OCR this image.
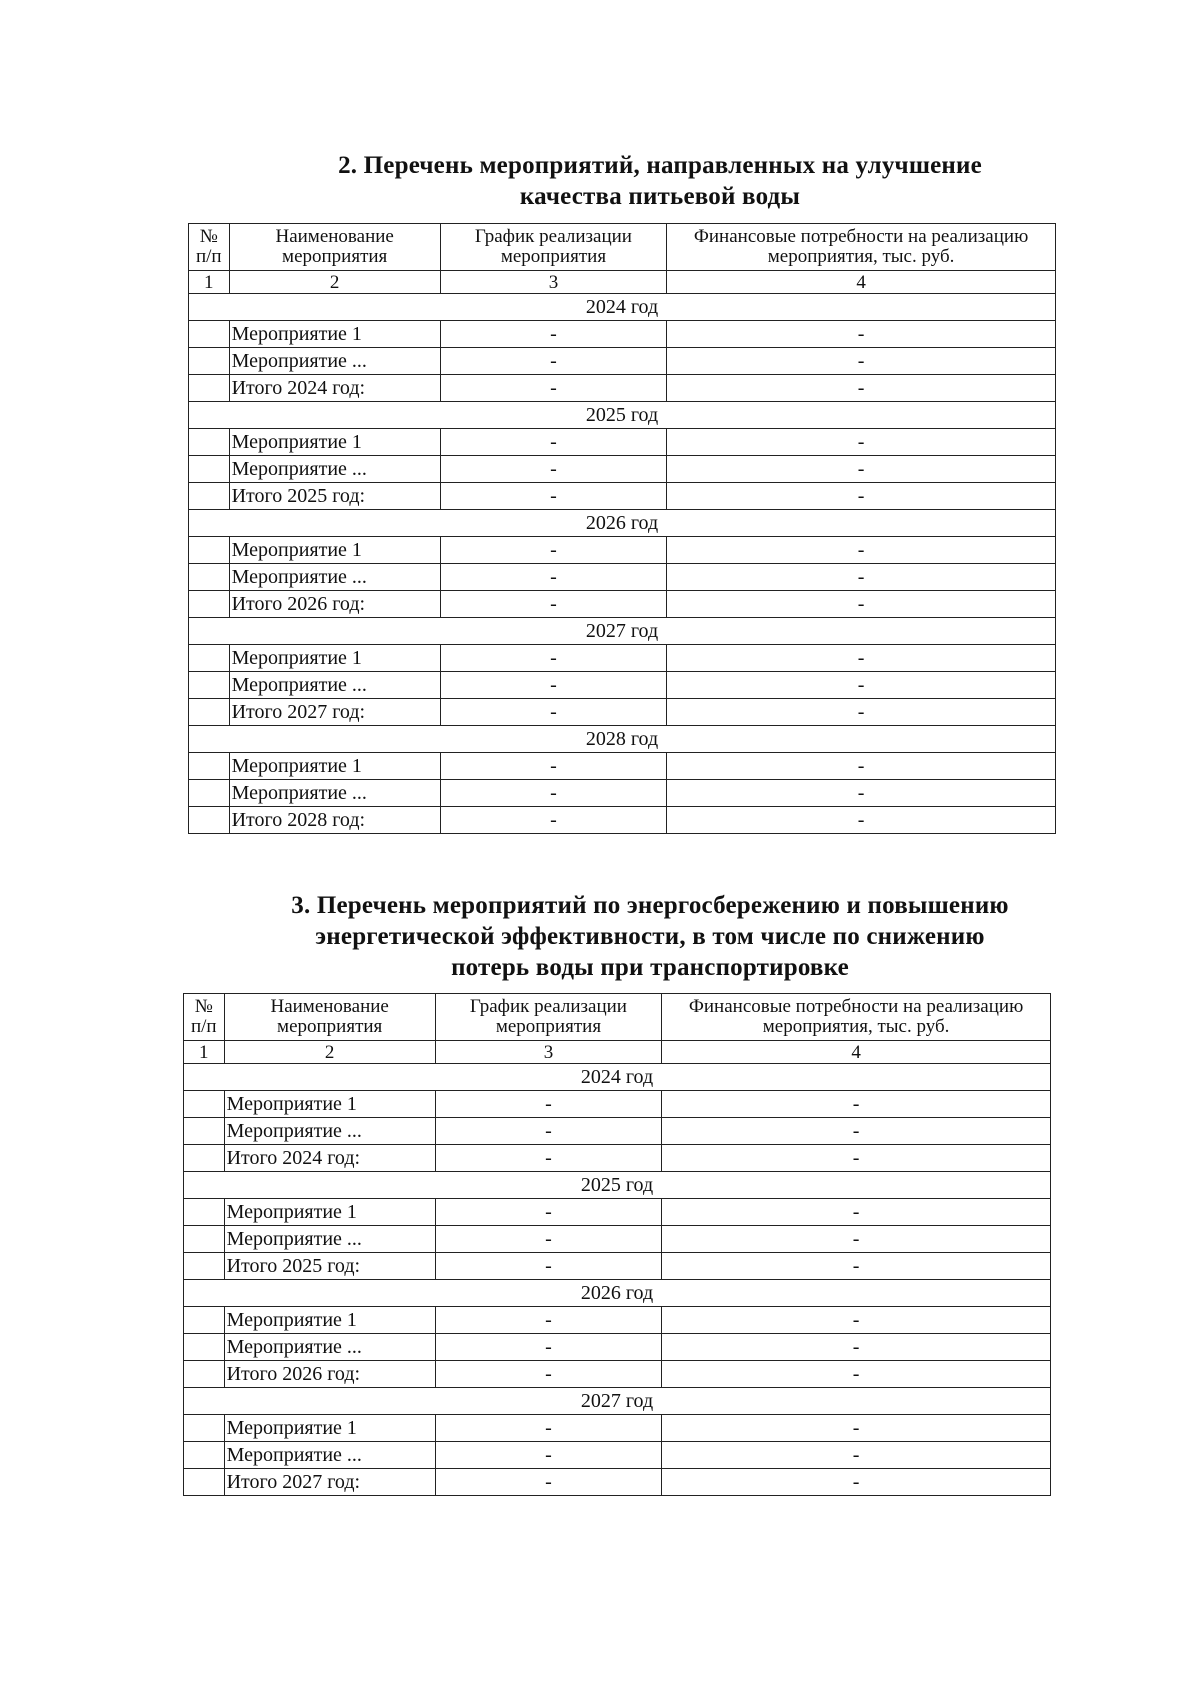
2. Перечень мероприятий, направленных на улучшение
качества питьевой воды

№ п/п	Наименование мероприятия	График реализации мероприятия	Финансовые потребности на реализацию мероприятия, тыс. руб.
1	2	3	4
2024 год			
	Мероприятие 1	-	-
	Мероприятие ...	-	-
	Итого 2024 год:	-	-
2025 год			
	Мероприятие 1	-	-
	Мероприятие ...	-	-
	Итого 2025 год:	-	-
2026 год			
	Мероприятие 1	-	-
	Мероприятие ...	-	-
	Итого 2026 год:	-	-
2027 год			
	Мероприятие 1	-	-
	Мероприятие ...	-	-
	Итого 2027 год:	-	-
2028 год			
	Мероприятие 1	-	-
	Мероприятие ...	-	-
	Итого 2028 год:	-	-

3. Перечень мероприятий по энергосбережению и повышению
энергетической эффективности, в том числе по снижению
потерь воды при транспортировке

№ п/п	Наименование мероприятия	График реализации мероприятия	Финансовые потребности на реализацию мероприятия, тыс. руб.
1	2	3	4
2024 год			
	Мероприятие 1	-	-
	Мероприятие ...	-	-
	Итого 2024 год:	-	-
2025 год			
	Мероприятие 1	-	-
	Мероприятие ...	-	-
	Итого 2025 год:	-	-
2026 год			
	Мероприятие 1	-	-
	Мероприятие ...	-	-
	Итого 2026 год:	-	-
2027 год			
	Мероприятие 1	-	-
	Мероприятие ...	-	-
	Итого 2027 год:	-	-
